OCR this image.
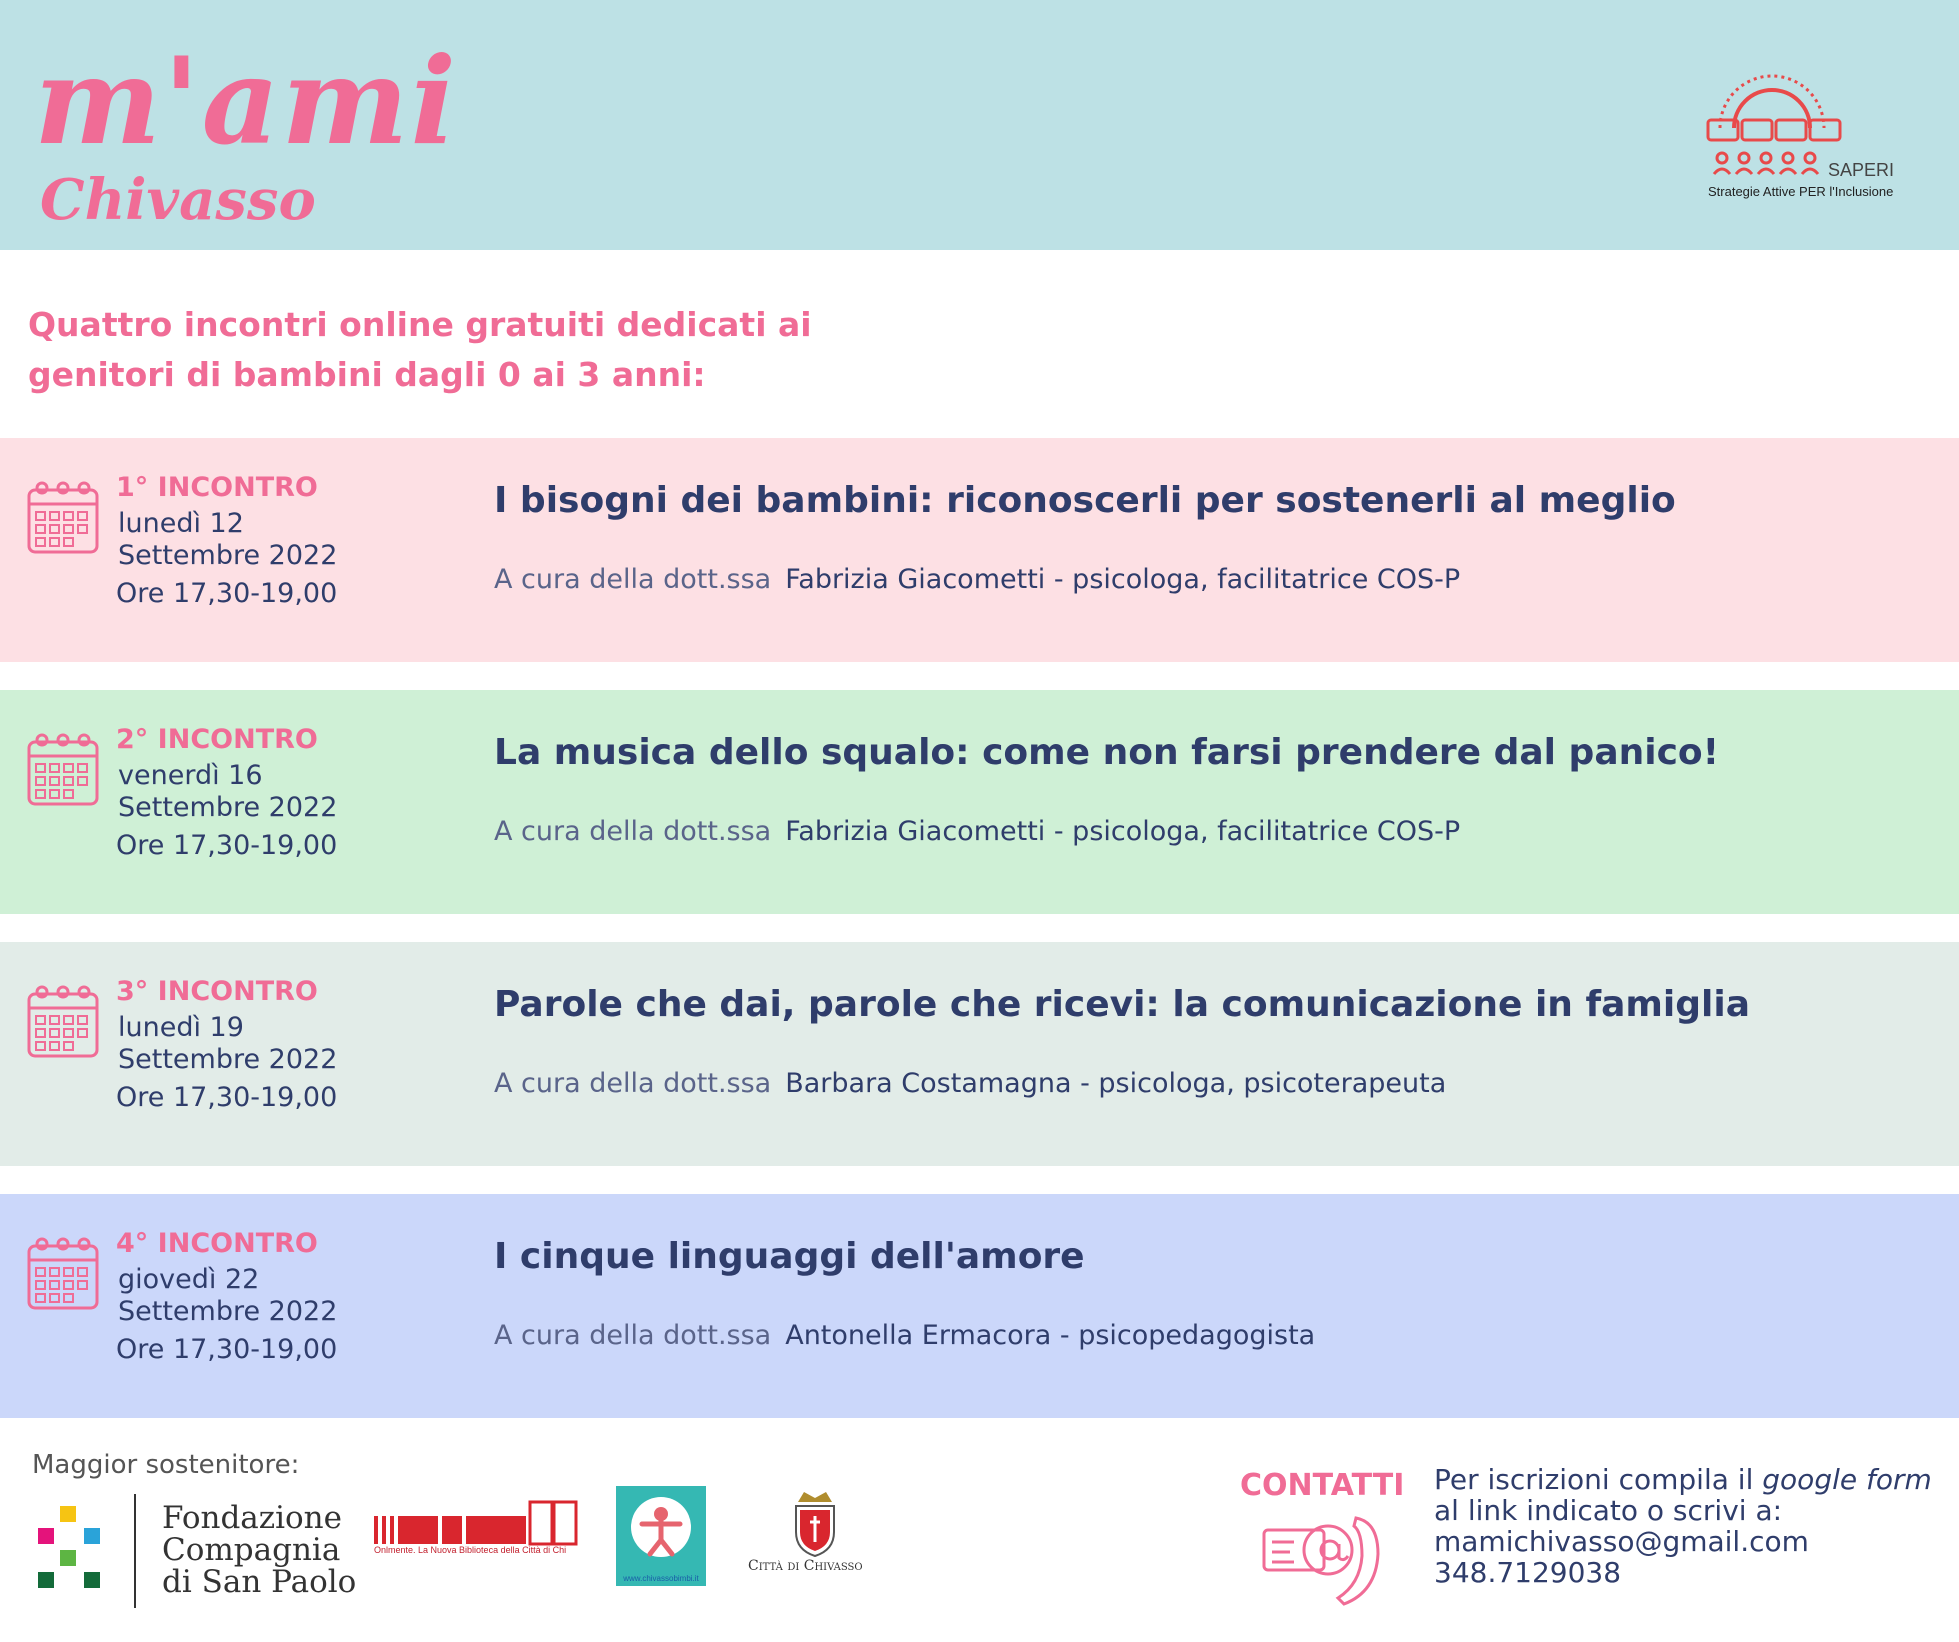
m'ami
Chivasso	SAPERI
Strategie Attive PER l'Inclusione
Quattro incontri online gratuiti dedicati ai
genitori di bambini dagli 0 ai 3 anni:
1° INCONTRO
lunedì 12
Settembre 2022
Ore 17,30-19,00
I bisogni dei bambini: riconoscerli per sostenerli al meglio
A cura della dott.ssa Fabrizia Giacometti - psicologa, facilitatrice COS-P
2° INCONTRO
venerdì 16
Settembre 2022
Ore 17,30-19,00
La musica dello squalo: come non farsi prendere dal panico!
A cura della dott.ssa Fabrizia Giacometti - psicologa, facilitatrice COS-P
3° INCONTRO
lunedì 19
Settembre 2022
Ore 17,30-19,00
Parole che dai, parole che ricevi: la comunicazione in famiglia
A cura della dott.ssa Barbara Costamagna - psicologa, psicoterapeuta
4° INCONTRO
giovedì 22
Settembre 2022
Ore 17,30-19,00
I cinque linguaggi dell'amore
A cura della dott.ssa Antonella Ermacora - psicopedagogista
Maggior sostenitore:
Fondazione
Compagnia
di San Paolo
Onlmente. La Nuova Biblioteca della Città di Chi
www.chivassobimbi.it
Città di Chivasso
CONTATTI Per iscrizioni compila il google form al link indicato o scrivi a:
mamichivasso@gmail.com
348.7129038
